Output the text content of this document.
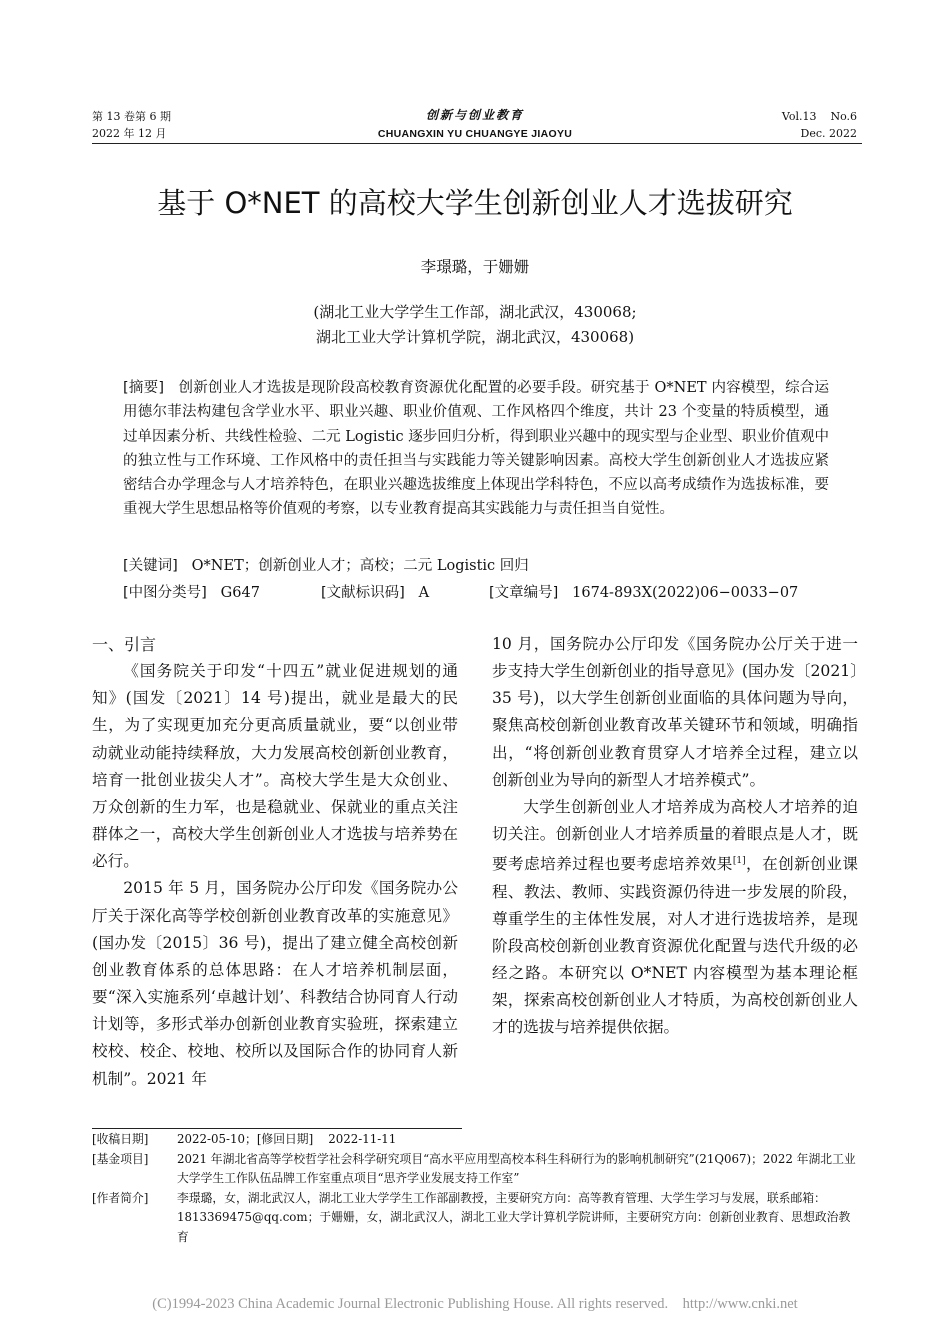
第 13 卷第 6 期
2022 年 12 月
创新与创业教育
CHUANGXIN YU CHUANGYE JIAOYU
Vol.13    No.6
Dec. 2022
基于 O*NET 的高校大学生创新创业人才选拔研究
李璟璐，于姗姗
(湖北工业大学学生工作部，湖北武汉，430068;
湖北工业大学计算机学院，湖北武汉，430068)
[摘要] 创新创业人才选拔是现阶段高校教育资源优化配置的必要手段。研究基于 O*NET 内容模型，综合运用德尔菲法构建包含学业水平、职业兴趣、职业价值观、工作风格四个维度，共计 23 个变量的特质模型，通过单因素分析、共线性检验、二元 Logistic 逐步回归分析，得到职业兴趣中的现实型与企业型、职业价值观中的独立性与工作环境、工作风格中的责任担当与实践能力等关键影响因素。高校大学生创新创业人才选拔应紧密结合办学理念与人才培养特色，在职业兴趣选拔维度上体现出学科特色，不应以高考成绩作为选拔标准，要重视大学生思想品格等价值观的考察，以专业教育提高其实践能力与责任担当自觉性。
[关键词] O*NET；创新创业人才；高校；二元 Logistic 回归
[中图分类号] G647	[文献标识码] A	[文章编号] 1674-893X(2022)06−0033−07

一、引言

《国务院关于印发“十四五”就业促进规划的通知》(国发〔2021〕14 号)提出，就业是最大的民生，为了实现更加充分更高质量就业，要“以创业带动就业动能持续释放，大力发展高校创新创业教育，培育一批创业拔尖人才”。高校大学生是大众创业、万众创新的生力军，也是稳就业、保就业的重点关注群体之一，高校大学生创新创业人才选拔与培养势在必行。

2015 年 5 月，国务院办公厅印发《国务院办公厅关于深化高等学校创新创业教育改革的实施意见》(国办发〔2015〕36 号)，提出了建立健全高校创新创业教育体系的总体思路：在人才培养机制层面，要“深入实施系列‘卓越计划’、科教结合协同育人行动计划等，多形式举办创新创业教育实验班，探索建立校校、校企、校地、校所以及国际合作的协同育人新机制”。2021 年

10 月，国务院办公厅印发《国务院办公厅关于进一步支持大学生创新创业的指导意见》(国办发〔2021〕35 号)，以大学生创新创业面临的具体问题为导向，聚焦高校创新创业教育改革关键环节和领域，明确指出，“将创新创业教育贯穿人才培养全过程，建立以创新创业为导向的新型人才培养模式”。

大学生创新创业人才培养成为高校人才培养的迫切关注。创新创业人才培养质量的着眼点是人才，既要考虑培养过程也要考虑培养效果[1]，在创新创业课程、教法、教师、实践资源仍待进一步发展的阶段，尊重学生的主体性发展，对人才进行选拔培养，是现阶段高校创新创业教育资源优化配置与迭代升级的必经之路。本研究以 O*NET 内容模型为基本理论框架，探索高校创新创业人才特质，为高校创新创业人才的选拔与培养提供依据。

[收稿日期]	2022-05-10；[修回日期]    2022-11-11
[基金项目]	2021 年湖北省高等学校哲学社会科学研究项目“高水平应用型高校本科生科研行为的影响机制研究”(21Q067)；2022 年湖北工业大学学生工作队伍品牌工作室重点项目“思齐学业发展支持工作室”
[作者简介]	李璟璐，女，湖北武汉人，湖北工业大学学生工作部副教授，主要研究方向：高等教育管理、大学生学习与发展，联系邮箱：1813369475@qq.com；于姗姗，女，湖北武汉人，湖北工业大学计算机学院讲师，主要研究方向：创新创业教育、思想政治教育
(C)1994-2023 China Academic Journal Electronic Publishing House. All rights reserved.    http://www.cnki.net
